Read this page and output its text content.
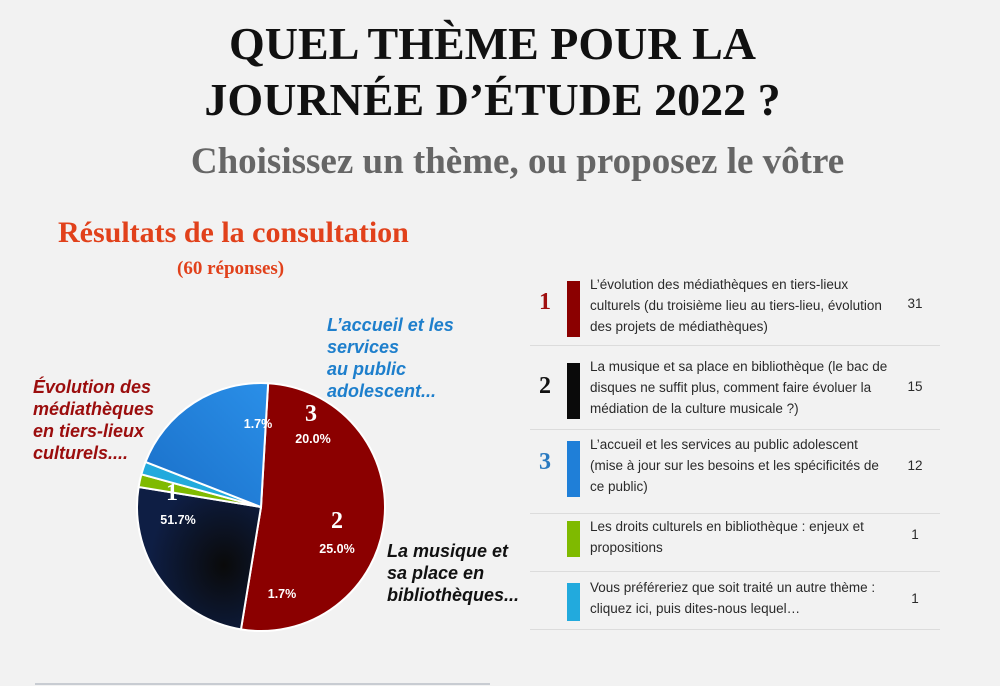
QUEL THÈME POUR LA
JOURNÉE D’ÉTUDE 2022 ?
Choisissez un thème, ou proposez le vôtre
Résultats de la consultation
(60 réponses)
Évolution des
médiathèques
en tiers-lieux
culturels....
La musique et
sa place en
bibliothèques...
L’accueil et les
services
au public
adolescent...
1
51.7%	2
25.0%
1.7%
1.7% 3
20.0%
1
L’évolution des médiathèques en tiers-lieux culturels (du troisième lieu au tiers-lieu, évolution des projets de médiathèques)
31
2
La musique et sa place en bibliothèque (le bac de disques ne suffit plus, comment faire évoluer la médiation de la culture musicale ?)
15
3
L’accueil et les services au public adolescent (mise à jour sur les besoins et les spécificités de ce public)
12
Les droits culturels en bibliothèque : enjeux et propositions
1
Vous préféreriez que soit traité un autre thème : cliquez ici, puis dites-nous lequel…
1
